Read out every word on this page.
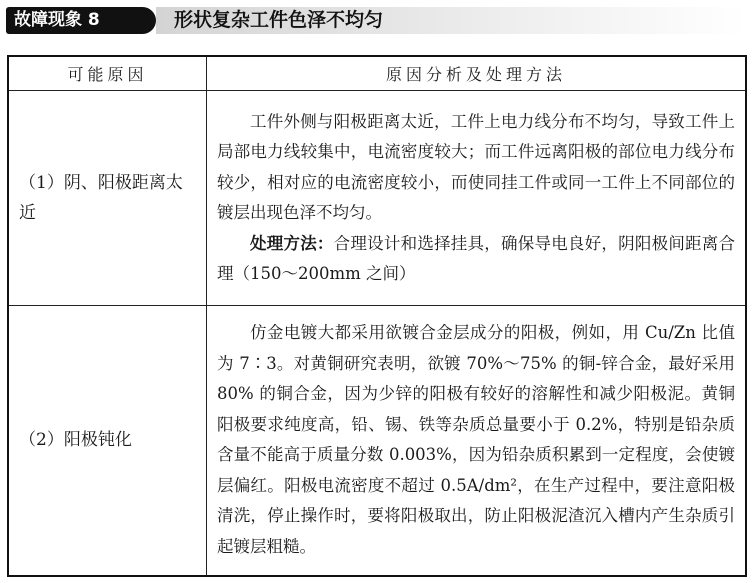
故障现象 8	形状复杂工件色泽不均匀
可能原因	原因分析及处理方法
（1）阴、阳极距离太近	工件外侧与阳极距离太近，工件上电力线分布不均匀，导致工件上局部电力线较集中，电流密度较大；而工件远离阳极的部位电力线分布较少，相对应的电流密度较小，而使同挂工件或同一工件上不同部位的镀层出现色泽不均匀。

处理方法：合理设计和选择挂具，确保导电良好，阴阳极间距离合理（150～200mm 之间）

（2）阳极钝化	仿金电镀大都采用欲镀合金层成分的阳极，例如，用 Cu/Zn 比值为 7∶3。对黄铜研究表明，欲镀 70%～75% 的铜-锌合金，最好采用 80% 的铜合金，因为少锌的阳极有较好的溶解性和减少阳极泥。黄铜阳极要求纯度高，铅、锡、铁等杂质总量要小于 0.2%，特别是铅杂质含量不能高于质量分数 0.003%，因为铅杂质积累到一定程度，会使镀层偏红。阳极电流密度不超过 0.5A/dm²，在生产过程中，要注意阳极清洗，停止操作时，要将阳极取出，防止阳极泥渣沉入槽内产生杂质引起镀层粗糙。
